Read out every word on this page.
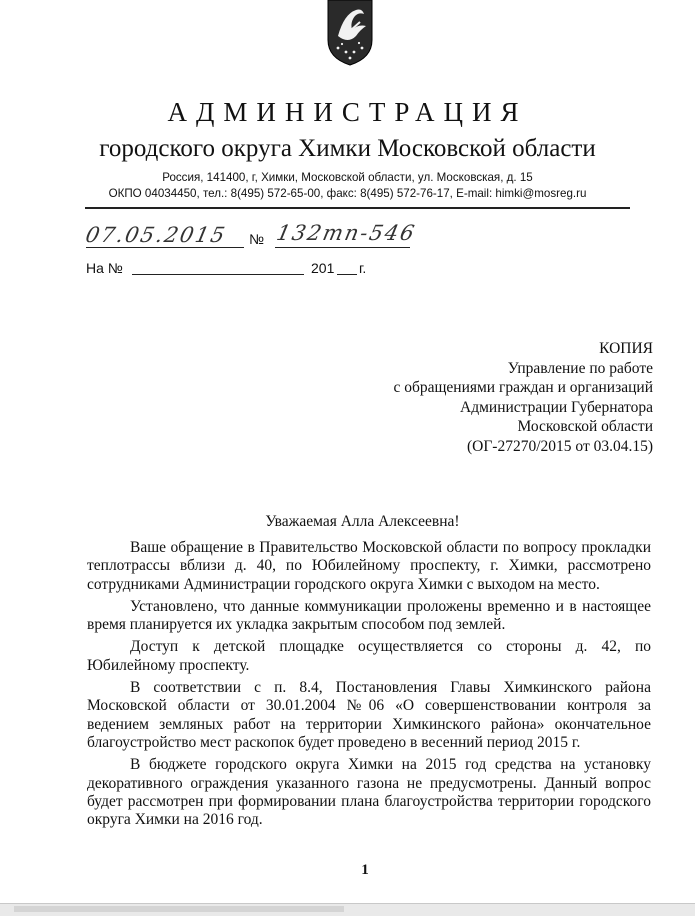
АДМИНИСТРАЦИЯ
городского округа Химки Московской области
Россия, 141400, г, Химки, Московской области, ул. Московская, д. 15
ОКПО 04034450, тел.: 8(495) 572-65-00, факс: 8(495) 572-76-17, E-mail: himki@mosreg.ru
07.05.2015 № 132тп-546
На №	201 г.
КОПИЯ
Управление по работе
с обращениями граждан и организаций
Администрации Губернатора
Московской области
(ОГ-27270/2015 от 03.04.15)
Уважаемая Алла Алексеевна!

Ваше обращение в Правительство Московской области по вопросу прокладки теплотрассы вблизи д. 40, по Юбилейному проспекту, г. Химки, рассмотрено сотрудниками Администрации городского округа Химки с выходом на место.

Установлено, что данные коммуникации проложены временно и в настоящее время планируется их укладка закрытым способом под землей.

Доступ к детской площадке осуществляется со стороны д. 42, по Юбилейному проспекту.

В соответствии с п. 8.4, Постановления Главы Химкинского района Московской области от 30.01.2004 №06 «О совершенствовании контроля за ведением земляных работ на территории Химкинского района» окончательное благоустройство мест раскопок будет проведено в весенний период 2015 г.

В бюджете городского округа Химки на 2015 год средства на установку декоративного ограждения указанного газона не предусмотрены. Данный вопрос будет рассмотрен при формировании плана благоустройства территории городского округа Химки на 2016 год.

1
